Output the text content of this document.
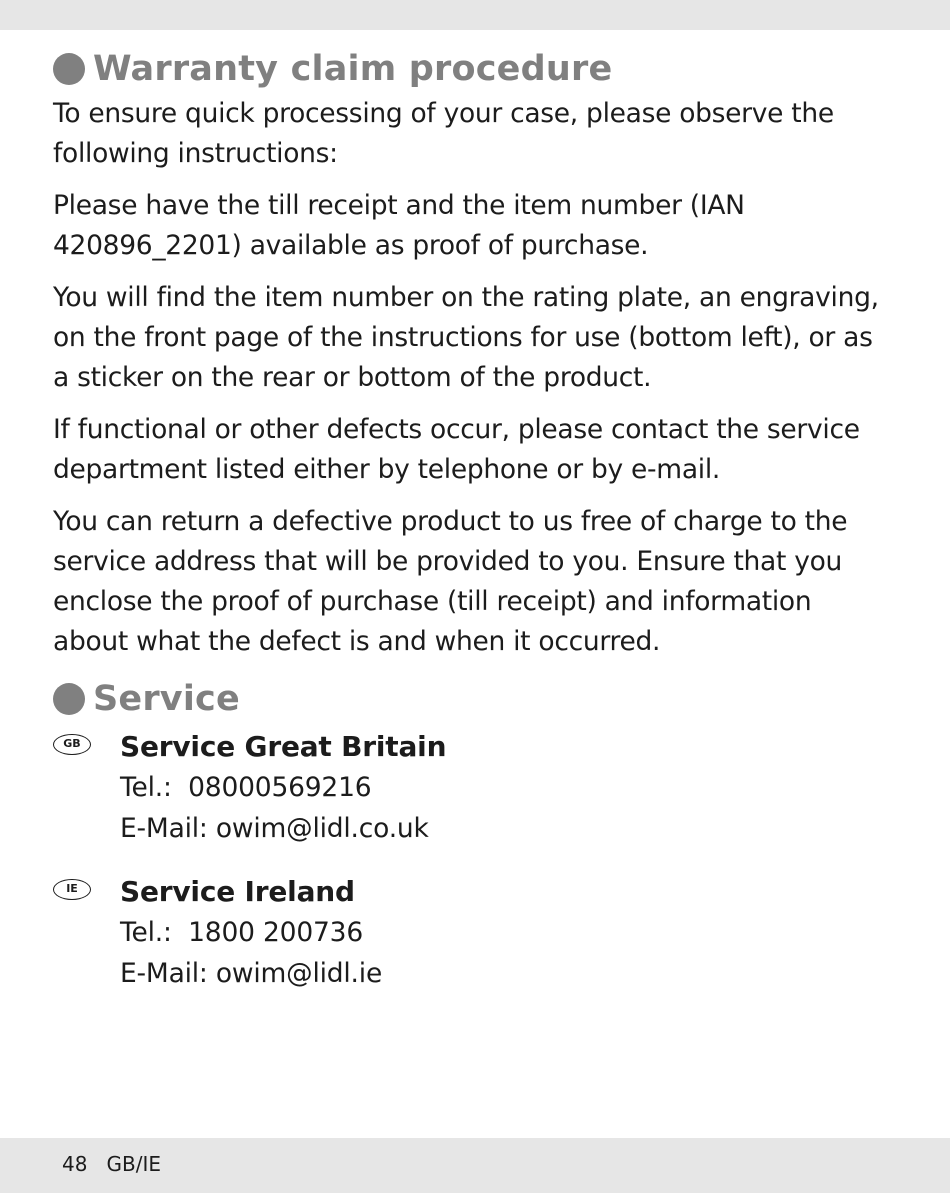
Warranty claim procedure

To ensure quick processing of your case, please observe the following instructions:

Please have the till receipt and the item number (IAN 420896_2201) available as proof of purchase.

You will find the item number on the rating plate, an engraving, on the front page of the instructions for use (bottom left), or as a sticker on the rear or bottom of the product.

If functional or other defects occur, please contact the service department listed either by telephone or by e-mail.

You can return a defective product to us free of charge to the service address that will be provided to you. Ensure that you enclose the proof of purchase (till receipt) and information about what the defect is and when it occurred.

Service
GB	Service Great Britain
Tel.:  08000569216
E-Mail: owim@lidl.co.uk
IE	Service Ireland
Tel.:  1800 200736
E-Mail: owim@lidl.ie
48 GB/IE
